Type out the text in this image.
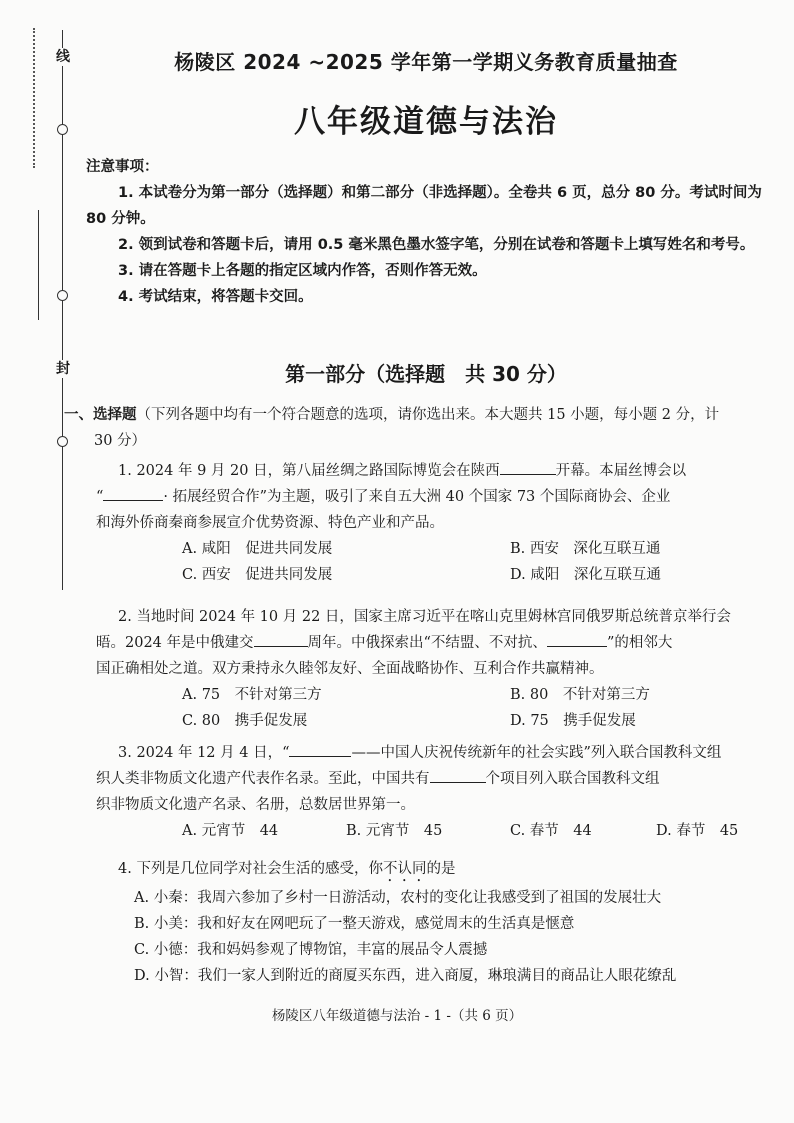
线
封
杨陵区 2024 ~2025 学年第一学期义务教育质量抽查
八年级道德与法治

注意事项：

1. 本试卷分为第一部分（选择题）和第二部分（非选择题）。全卷共 6 页，总分 80 分。考试时间为 80 分钟。

2. 领到试卷和答题卡后，请用 0.5 毫米黑色墨水签字笔，分别在试卷和答题卡上填写姓名和考号。

3. 请在答题卡上各题的指定区域内作答，否则作答无效。

4. 考试结束，将答题卡交回。

第一部分（选择题　共 30 分）

一、选择题（下列各题中均有一个符合题意的选项，请你选出来。本大题共 15 小题，每小题 2 分，计

30 分）

1. 2024 年 9 月 20 日，第八届丝绸之路国际博览会在陕西	开幕。本届丝博会以

“	· 拓展经贸合作”为主题，吸引了来自五大洲 40 个国家 73 个国际商协会、企业

和海外侨商秦商参展宣介优势资源、特色产业和产品。

A. 咸阳　促进共同发展	B. 西安　深化互联互通
C. 西安　促进共同发展	D. 咸阳　深化互联互通

2. 当地时间 2024 年 10 月 22 日，国家主席习近平在喀山克里姆林宫同俄罗斯总统普京举行会

晤。2024 年是中俄建交	周年。中俄探索出“不结盟、不对抗、	”的相邻大

国正确相处之道。双方秉持永久睦邻友好、全面战略协作、互利合作共赢精神。

A. 75　不针对第三方	B. 80　不针对第三方
C. 80　携手促发展	D. 75　携手促发展

3. 2024 年 12 月 4 日，“	——中国人庆祝传统新年的社会实践”列入联合国教科文组

织人类非物质文化遗产代表作名录。至此，中国共有	个项目列入联合国教科文组

织非物质文化遗产名录、名册，总数居世界第一。

A. 元宵节　44	B. 元宵节　45	C. 春节　44	D. 春节　45

4. 下列是几位同学对社会生活的感受，你不认同的是

A. 小秦：我周六参加了乡村一日游活动，农村的变化让我感受到了祖国的发展壮大

B. 小美：我和好友在网吧玩了一整天游戏，感觉周末的生活真是惬意

C. 小德：我和妈妈参观了博物馆，丰富的展品令人震撼

D. 小智：我们一家人到附近的商厦买东西，进入商厦，琳琅满目的商品让人眼花缭乱

杨陵区八年级道德与法治 - 1 -（共 6 页）
